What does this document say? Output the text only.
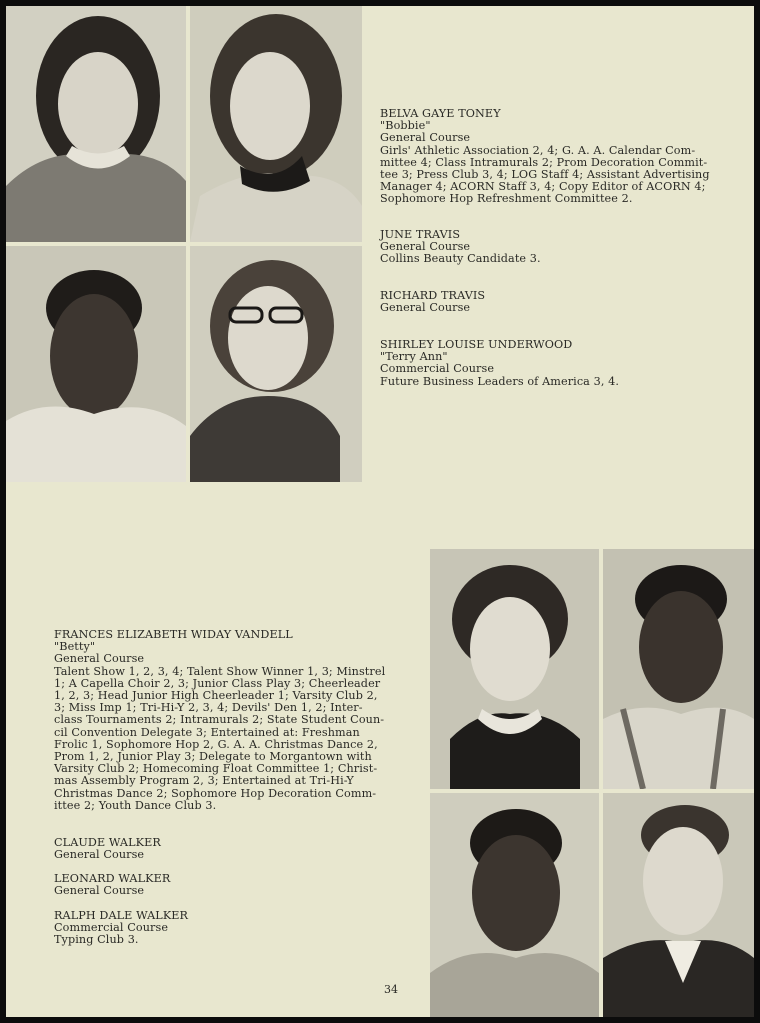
BELVA GAYE TONEY
"Bobbie"
General Course
Girls' Athletic Association 2, 4; G. A. A. Calendar Com-
mittee 4; Class Intramurals 2; Prom Decoration Commit-
tee 3; Press Club 3, 4; LOG Staff 4; Assistant Advertising
Manager 4; ACORN Staff 3, 4; Copy Editor of ACORN 4;
Sophomore Hop Refreshment Committee 2.
JUNE TRAVIS
General Course
Collins Beauty Candidate 3.
RICHARD TRAVIS
General Course
SHIRLEY LOUISE UNDERWOOD
"Terry Ann"
Commercial Course
Future Business Leaders of America 3, 4.
FRANCES ELIZABETH WIDAY VANDELL
"Betty"
General Course
Talent Show 1, 2, 3, 4; Talent Show Winner 1, 3; Minstrel
1; A Capella Choir 2, 3; Junior Class Play 3; Cheerleader
1, 2, 3; Head Junior High Cheerleader 1; Varsity Club 2,
3; Miss Imp 1; Tri-Hi-Y 2, 3, 4; Devils' Den 1, 2; Inter-
class Tournaments 2; Intramurals 2; State Student Coun-
cil Convention Delegate 3; Entertained at: Freshman
Frolic 1, Sophomore Hop 2, G. A. A. Christmas Dance 2,
Prom 1, 2, Junior Play 3; Delegate to Morgantown with
Varsity Club 2; Homecoming Float Committee 1; Christ-
mas Assembly Program 2, 3; Entertained at Tri-Hi-Y
Christmas Dance 2; Sophomore Hop Decoration Comm-
ittee 2; Youth Dance Club 3.
CLAUDE WALKER
General Course
LEONARD WALKER
General Course
RALPH DALE WALKER
Commercial Course
Typing Club 3.
34
